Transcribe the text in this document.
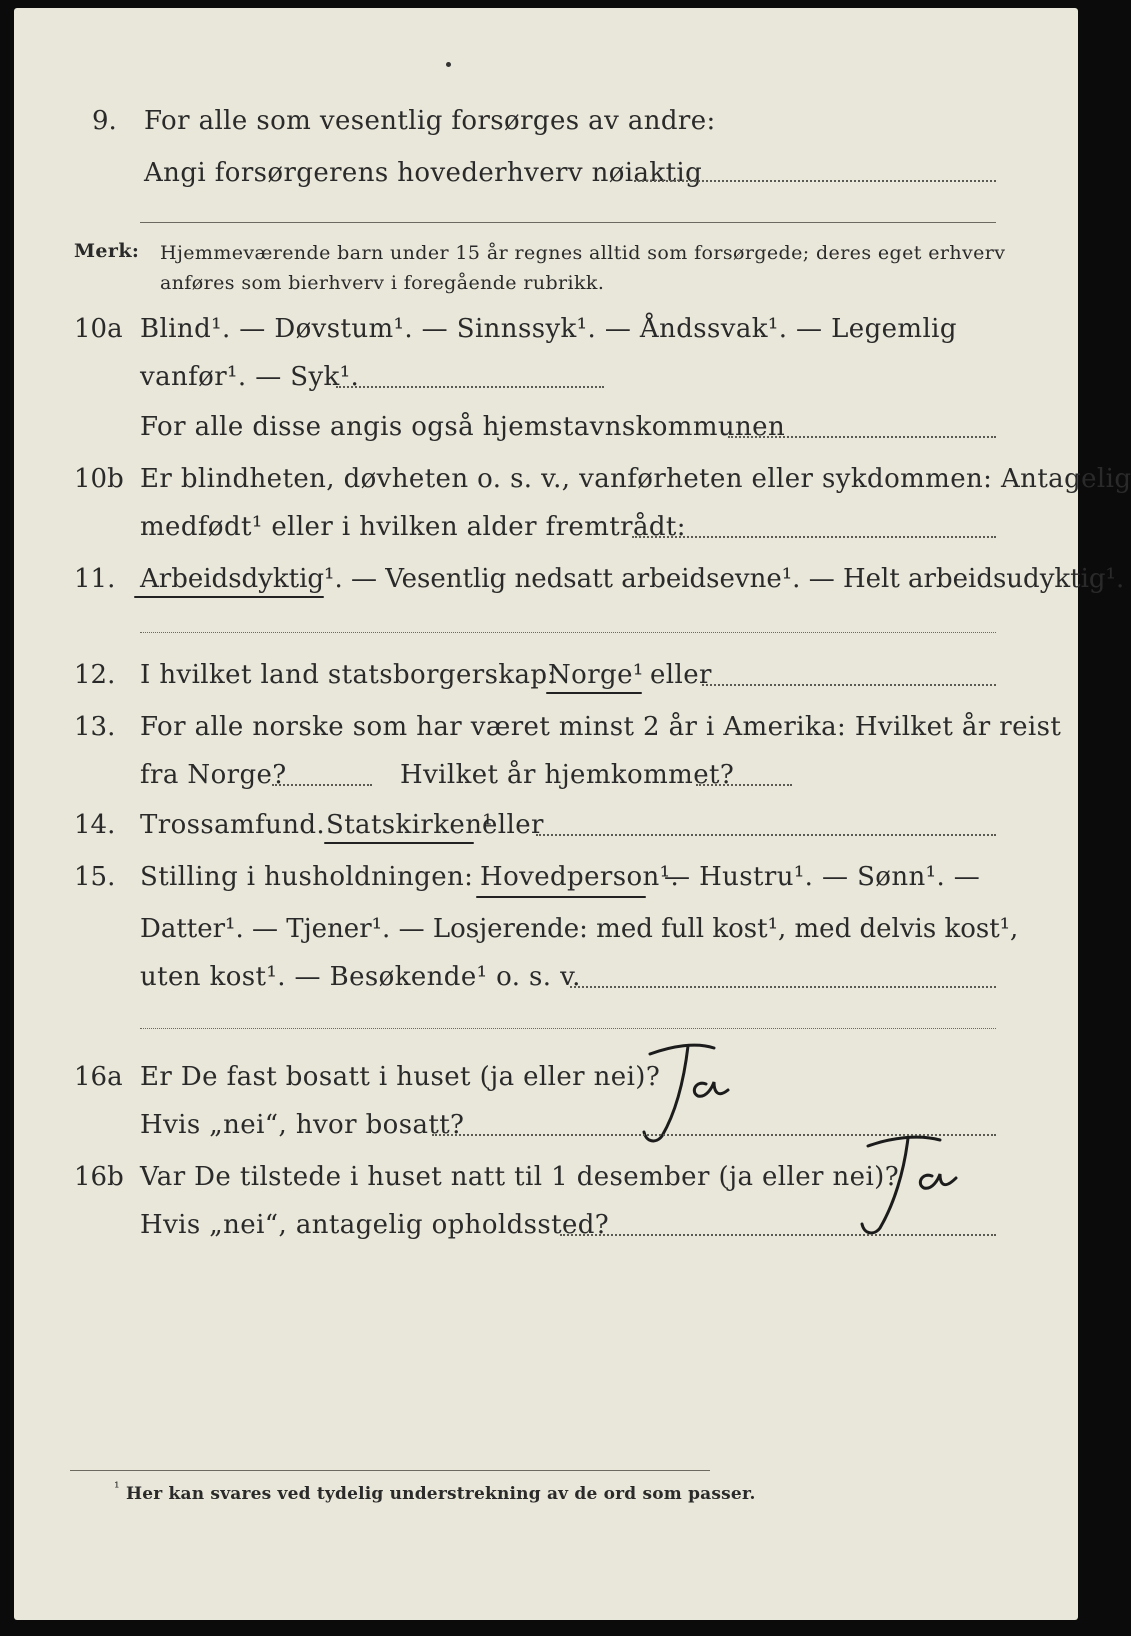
9. For alle som vesentlig forsørges av andre:
Angi forsørgerens hovederhverv nøiaktig
Merk: Hjemmeværende barn under 15 år regnes alltid som forsørgede; deres eget erhverv
anføres som bierhverv i foregående rubrikk.
10a Blind¹. — Døvstum¹. — Sinnssyk¹. — Åndssvak¹. — Legemlig
vanfør¹. — Syk¹.
For alle disse angis også hjemstavnskommunen
10b Er blindheten, døvheten o. s. v., vanførheten eller sykdommen: Antagelig
medfødt¹ eller i hvilken alder fremtrådt:
11. Arbeidsdyktig¹. — Vesentlig nedsatt arbeidsevne¹. — Helt arbeidsudyktig¹.
12. I hvilket land statsborgerskap:
Norge¹ eller
13. For alle norske som har været minst 2 år i Amerika: Hvilket år reist
fra Norge?	Hvilket år hjemkommet?
14. Trossamfund. Statskirken¹
eller
15. Stilling i husholdningen: Hovedperson¹.
— Hustru¹. — Sønn¹. —
Datter¹. — Tjener¹. — Losjerende: med full kost¹, med delvis kost¹,
uten kost¹. — Besøkende¹ o. s. v.
16a Er De fast bosatt i huset (ja eller nei)?
Ja
Hvis „nei“, hvor bosatt?
16b Var De tilstede i huset natt til 1 desember (ja eller nei)?
Hvis „nei“, antagelig opholdssted?
¹ Her kan svares ved tydelig understrekning av de ord som passer.
